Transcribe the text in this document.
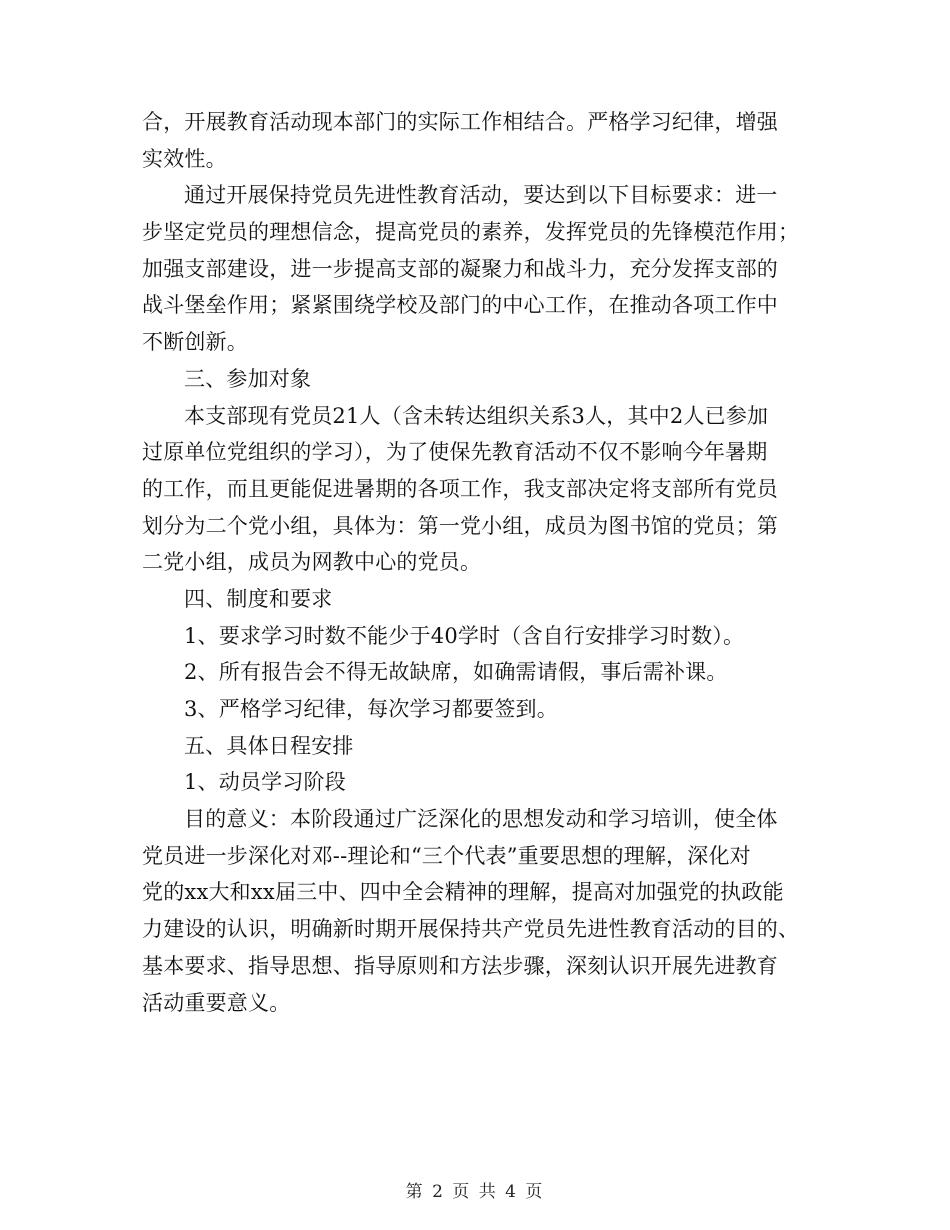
合，开展教育活动现本部门的实际工作相结合。严格学习纪律，增强
实效性。
通过开展保持党员先进性教育活动，要达到以下目标要求：进一
步坚定党员的理想信念，提高党员的素养，发挥党员的先锋模范作用；
加强支部建设，进一步提高支部的凝聚力和战斗力，充分发挥支部的
战斗堡垒作用；紧紧围绕学校及部门的中心工作，在推动各项工作中
不断创新。
三、参加对象
本支部现有党员21人（含未转达组织关系3人，其中2人已参加
过原单位党组织的学习），为了使保先教育活动不仅不影响今年暑期
的工作，而且更能促进暑期的各项工作，我支部决定将支部所有党员
划分为二个党小组，具体为：第一党小组，成员为图书馆的党员；第
二党小组，成员为网教中心的党员。
四、制度和要求
1、要求学习时数不能少于40学时（含自行安排学习时数）。
2、所有报告会不得无故缺席，如确需请假，事后需补课。
3、严格学习纪律，每次学习都要签到。
五、具体日程安排
1、动员学习阶段
目的意义：本阶段通过广泛深化的思想发动和学习培训，使全体
党员进一步深化对邓--理论和“三个代表”重要思想的理解，深化对
党的xx大和xx届三中、四中全会精神的理解，提高对加强党的执政能
力建设的认识，明确新时期开展保持共产党员先进性教育活动的目的、
基本要求、指导思想、指导原则和方法步骤，深刻认识开展先进教育
活动重要意义。
第 2 页 共 4 页
